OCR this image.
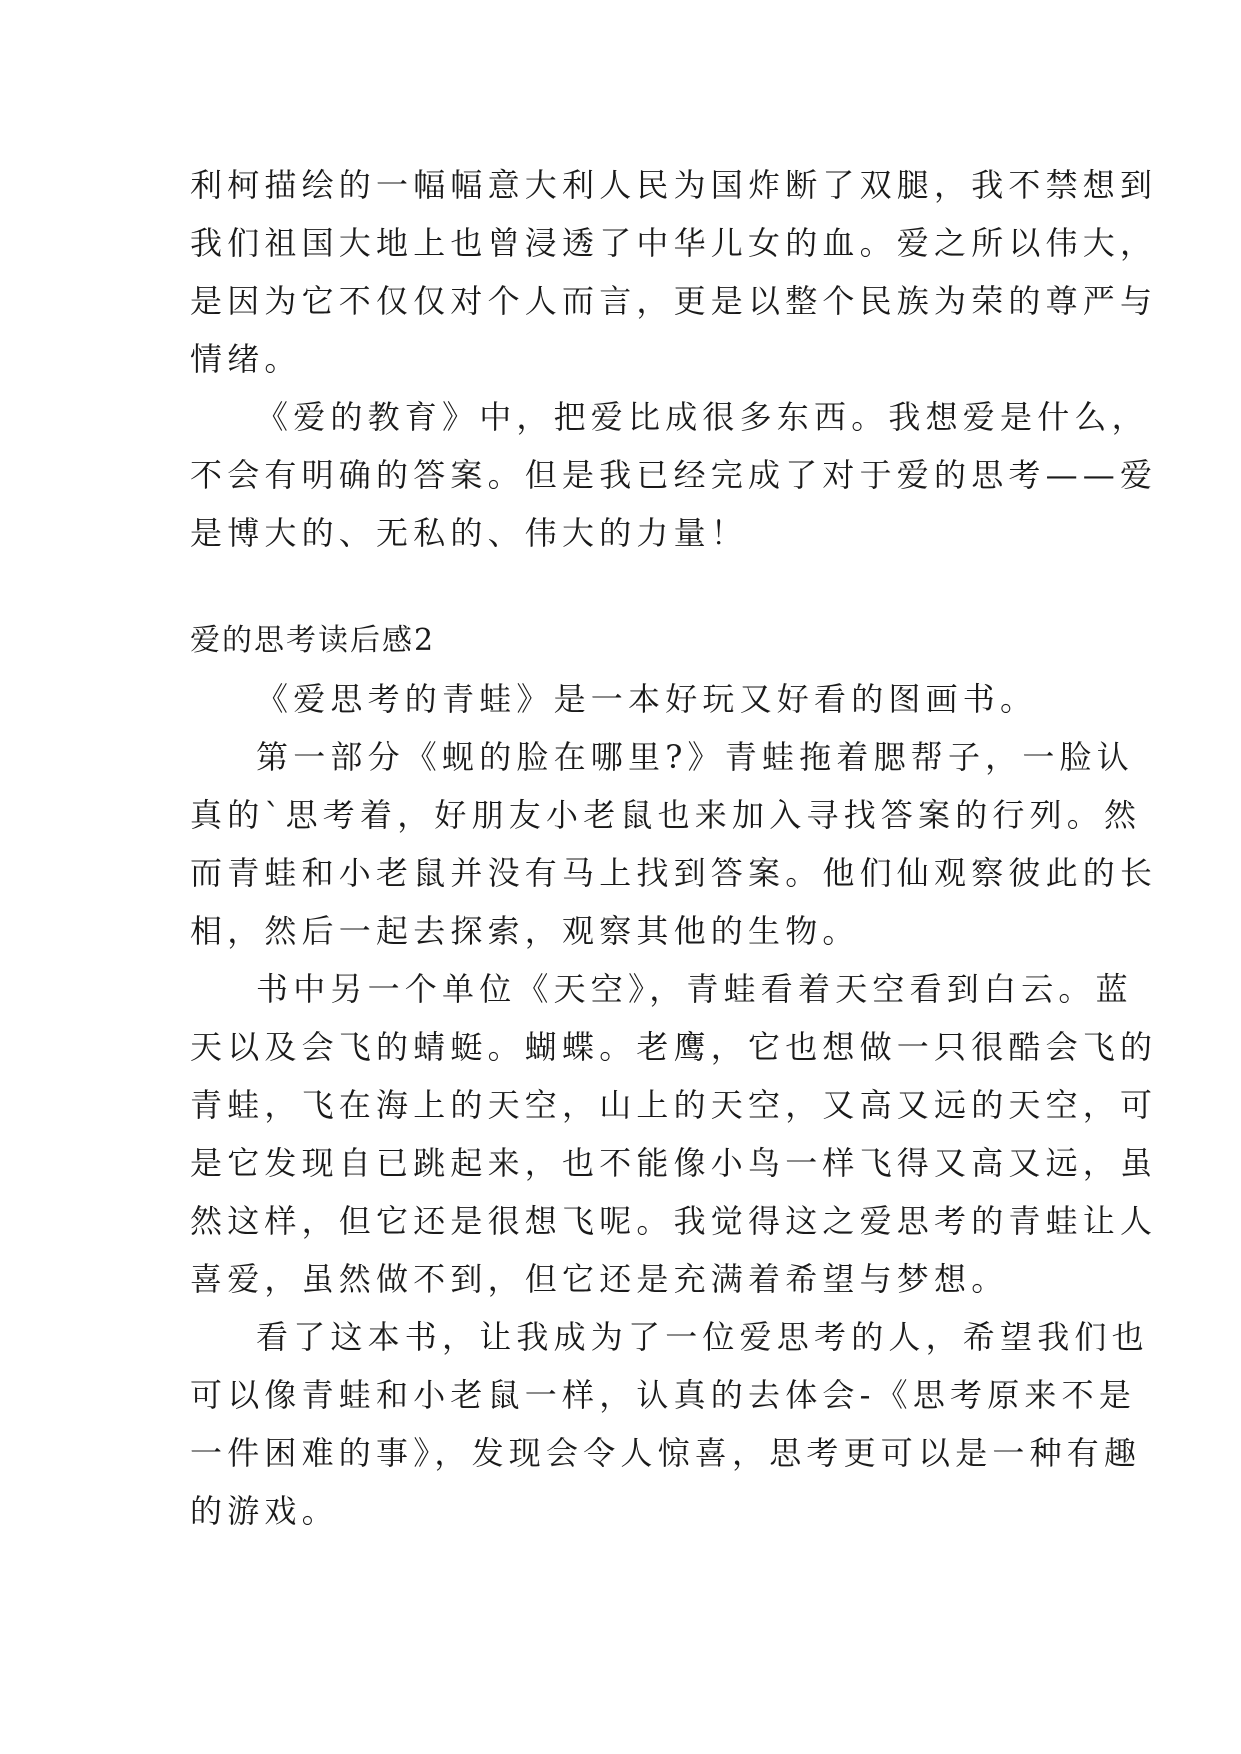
利柯描绘的一幅幅意大利人民为国炸断了双腿，我不禁想到
我们祖国大地上也曾浸透了中华儿女的血。爱之所以伟大，
是因为它不仅仅对个人而言，更是以整个民族为荣的尊严与
情绪。
《爱的教育》中，把爱比成很多东西。我想爱是什么，
不会有明确的答案。但是我已经完成了对于爱的思考——爱
是博大的、无私的、伟大的力量！
爱的思考读后感2
《爱思考的青蛙》是一本好玩又好看的图画书。
第一部分《蚬的脸在哪里?》青蛙拖着腮帮子，一脸认
真的`思考着，好朋友小老鼠也来加入寻找答案的行列。然
而青蛙和小老鼠并没有马上找到答案。他们仙观察彼此的长
相，然后一起去探索，观察其他的生物。
书中另一个单位《天空》，青蛙看着天空看到白云。蓝
天以及会飞的蜻蜓。蝴蝶。老鹰，它也想做一只很酷会飞的
青蛙，飞在海上的天空，山上的天空，又高又远的天空，可
是它发现自已跳起来，也不能像小鸟一样飞得又高又远，虽
然这样，但它还是很想飞呢。我觉得这之爱思考的青蛙让人
喜爱，虽然做不到，但它还是充满着希望与梦想。
看了这本书，让我成为了一位爱思考的人，希望我们也
可以像青蛙和小老鼠一样，认真的去体会-《思考原来不是
一件困难的事》，发现会令人惊喜，思考更可以是一种有趣
的游戏。
